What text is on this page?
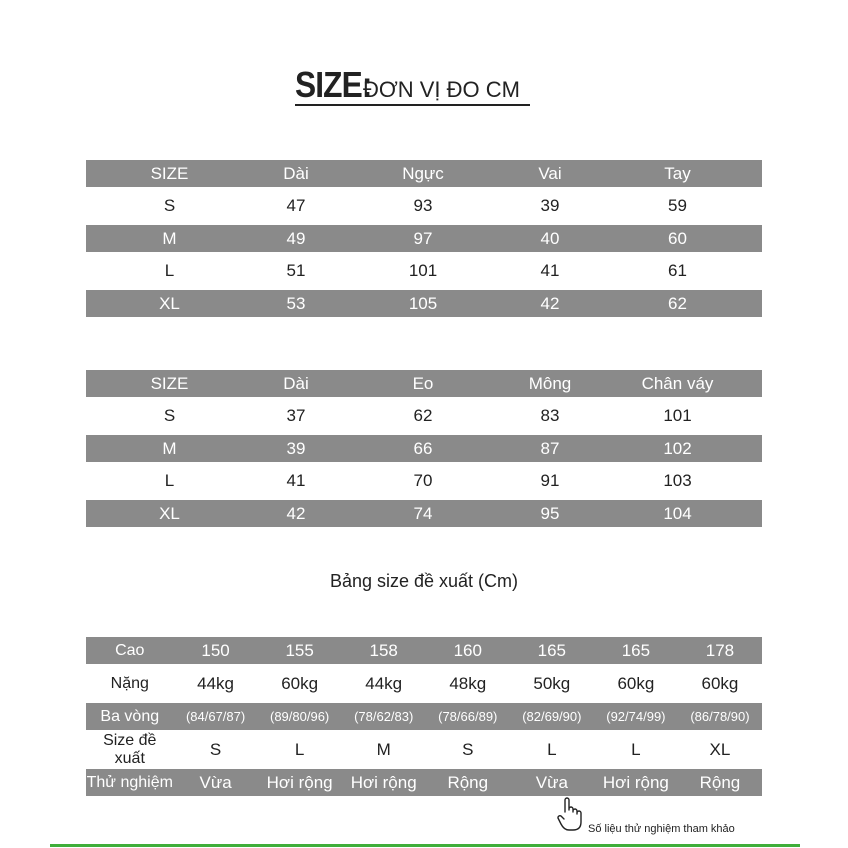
SIZE:
ĐƠN VỊ ĐO CM
SIZE	Dài	Ngực	Vai	Tay
S	47	93	39	59
M	49	97	40	60
L	51	101	41	61
XL	53	105	42	62
SIZE	Dài	Eo	Mông	Chân váy
S	37	62	83	101
M	39	66	87	102
L	41	70	91	103
XL	42	74	95	104
Bảng size đề xuất (Cm)
Cao	150	155	158	160	165	165	178
Nặng	44kg	60kg	44kg	48kg	50kg	60kg	60kg
Ba vòng	(84/67/87)	(89/80/96)	(78/62/83)	(78/66/89)	(82/69/90)	(92/74/99)	(86/78/90)
Size đề xuất	S	L	M	S	L	L	XL
Thử nghiệm	Vừa	Hơi rộng	Hơi rộng	Rộng	Vừa	Hơi rộng	Rộng
Số liệu thử nghiệm tham khảo
